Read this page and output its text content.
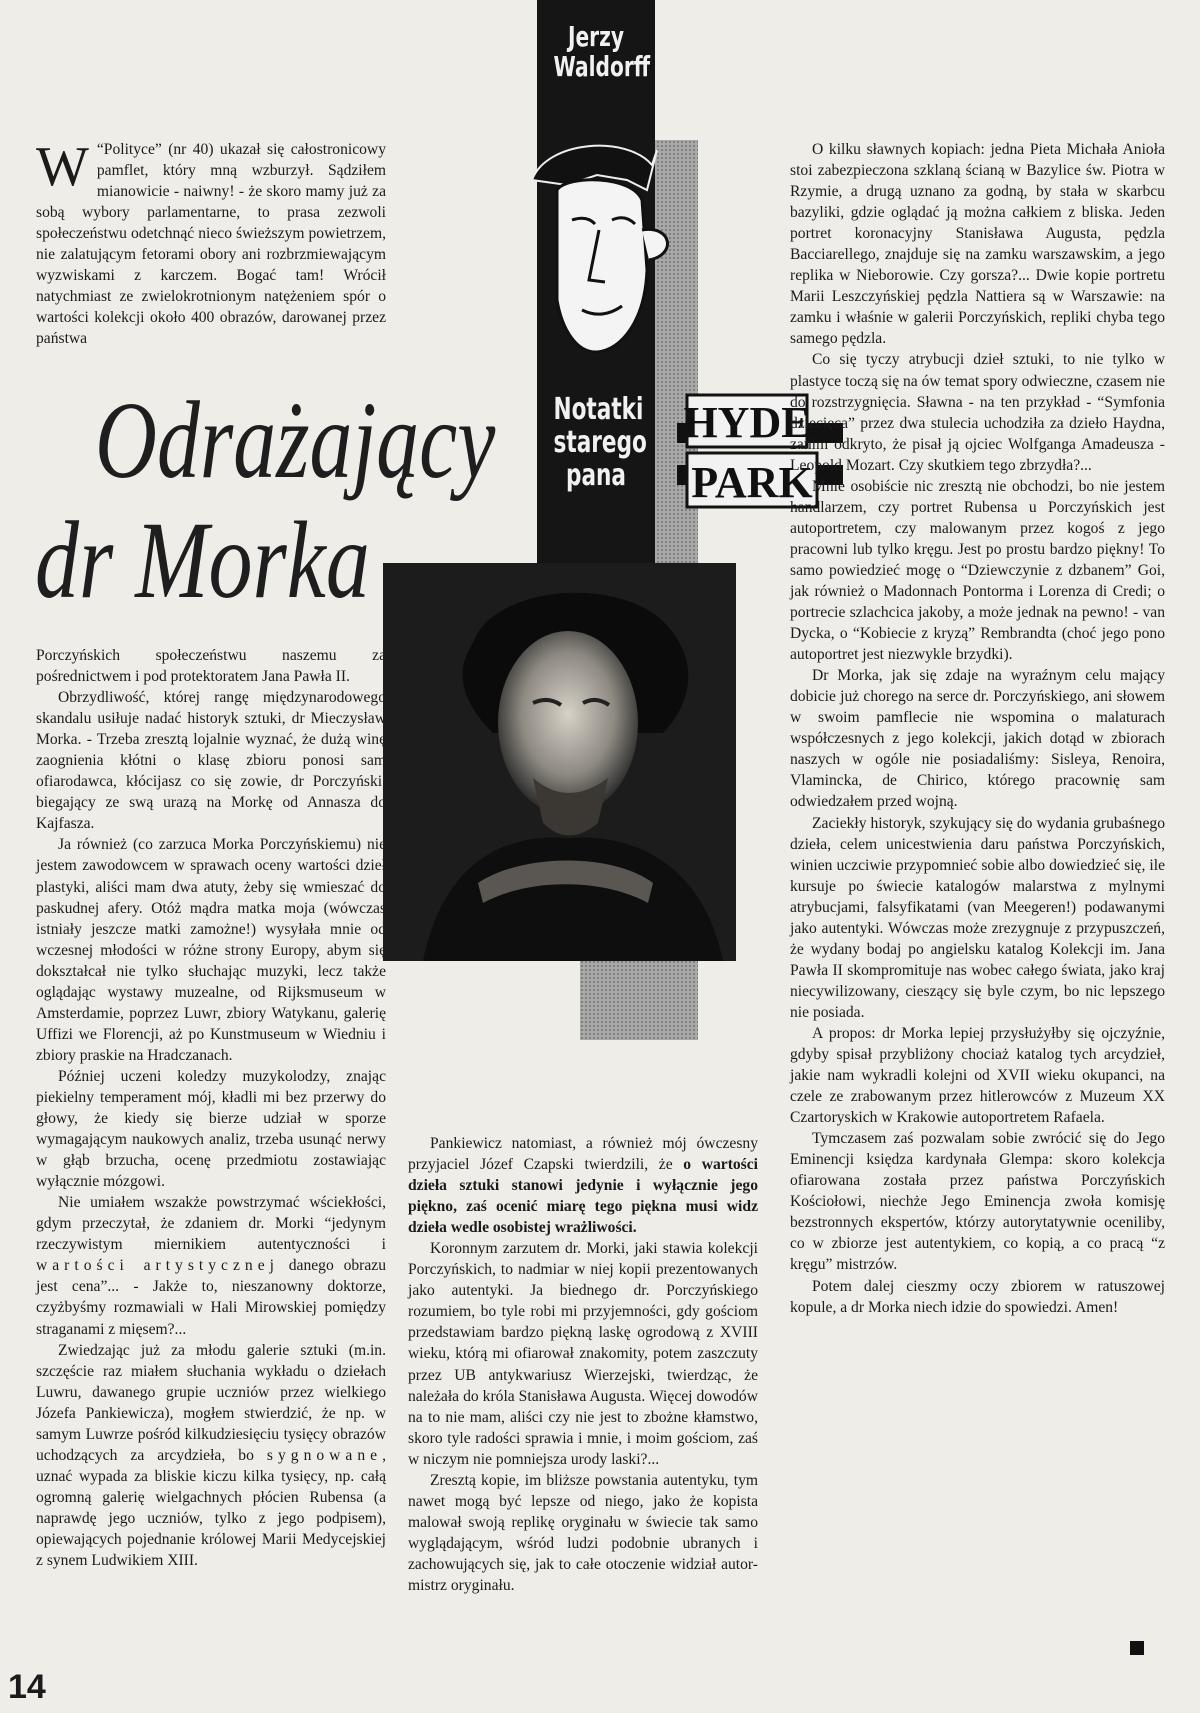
Jerzy
Waldorff
Notatki
starego
pana
HYDE
PARK
Odrażający
dr Morka

W “Polityce” (nr 40) ukazał się całostronicowy pamflet, który mną wzburzył. Sądziłem mianowicie - naiwny! - że skoro mamy już za sobą wybory parlamentarne, to prasa zezwoli społeczeństwu odetchnąć nieco świeższym powietrzem, nie zalatującym fetorami obory ani rozbrzmiewającym wyzwiskami z karczem. Bogać tam! Wrócił natychmiast ze zwielokrotnionym natężeniem spór o wartości kolekcji około 400 obrazów, darowanej przez państwa

Porczyńskich społeczeństwu naszemu za pośrednictwem i pod protektoratem Jana Pawła II.

Obrzydliwość, której rangę międzynarodowego skandalu usiłuje nadać historyk sztuki, dr Mieczysław Morka. - Trzeba zresztą lojalnie wyznać, że dużą winę zaognienia kłótni o klasę zbioru ponosi sam ofiarodawca, kłócijasz co się zowie, dr Porczyński, biegający ze swą urazą na Morkę od Annasza do Kajfasza.

Ja również (co zarzuca Morka Porczyńskiemu) nie jestem zawodowcem w sprawach oceny wartości dzieł plastyki, aliści mam dwa atuty, żeby się wmieszać do paskudnej afery. Otóż mądra matka moja (wówczas istniały jeszcze matki zamożne!) wysyłała mnie od wczesnej młodości w różne strony Europy, abym się dokształcał nie tylko słuchając muzyki, lecz także oglądając wystawy muzealne, od Rijksmuseum w Amsterdamie, poprzez Luwr, zbiory Watykanu, galerię Uffizi we Florencji, aż po Kunstmuseum w Wiedniu i zbiory praskie na Hradczanach.

Później uczeni koledzy muzykolodzy, znając piekielny temperament mój, kładli mi bez przerwy do głowy, że kiedy się bierze udział w sporze wymagającym naukowych analiz, trzeba usunąć nerwy w głąb brzucha, ocenę przedmiotu zostawiając wyłącznie mózgowi.

Nie umiałem wszakże powstrzymać wściekłości, gdym przeczytał, że zdaniem dr. Morki “jedynym rzeczywistym miernikiem autentyczności i wartości artystycznej danego obrazu jest cena”... - Jakże to, nieszanowny doktorze, czyżbyśmy rozmawiali w Hali Mirowskiej pomiędzy straganami z mięsem?...

Zwiedzając już za młodu galerie sztuki (m.in. szczęście raz miałem słuchania wykładu o dziełach Luwru, dawanego grupie uczniów przez wielkiego Józefa Pankiewicza), mogłem stwierdzić, że np. w samym Luwrze pośród kilkudziesięciu tysięcy obrazów uchodzących za arcydzieła, bo sygnowane, uznać wypada za bliskie kiczu kilka tysięcy, np. całą ogromną galerię wielgachnych płócien Rubensa (a naprawdę jego uczniów, tylko z jego podpisem), opiewających pojednanie królowej Marii Medycejskiej z synem Ludwikiem XIII.

Pankiewicz natomiast, a również mój ówczesny przyjaciel Józef Czapski twierdzili, że o wartości dzieła sztuki stanowi jedynie i wyłącznie jego piękno, zaś ocenić miarę tego piękna musi widz dzieła wedle osobistej wrażliwości.

Koronnym zarzutem dr. Morki, jaki stawia kolekcji Porczyńskich, to nadmiar w niej kopii prezentowanych jako autentyki. Ja biednego dr. Porczyńskiego rozumiem, bo tyle robi mi przyjemności, gdy gościom przedstawiam bardzo piękną laskę ogrodową z XVIII wieku, którą mi ofiarował znakomity, potem zaszczuty przez UB antykwariusz Wierzejski, twierdząc, że należała do króla Stanisława Augusta. Więcej dowodów na to nie mam, aliści czy nie jest to zbożne kłamstwo, skoro tyle radości sprawia i mnie, i moim gościom, zaś w niczym nie pomniejsza urody laski?...

Zresztą kopie, im bliższe powstania autentyku, tym nawet mogą być lepsze od niego, jako że kopista malował swoją replikę oryginału w świecie tak samo wyglądającym, wśród ludzi podobnie ubranych i zachowujących się, jak to całe otoczenie widział autor-mistrz oryginału.

O kilku sławnych kopiach: jedna Pieta Michała Anioła stoi zabezpieczona szklaną ścianą w Bazylice św. Piotra w Rzymie, a drugą uznano za godną, by stała w skarbcu bazyliki, gdzie oglądać ją można całkiem z bliska. Jeden portret koronacyjny Stanisława Augusta, pędzla Bacciarellego, znajduje się na zamku warszawskim, a jego replika w Nieborowie. Czy gorsza?... Dwie kopie portretu Marii Leszczyńskiej pędzla Nattiera są w Warszawie: na zamku i właśnie w galerii Porczyńskich, repliki chyba tego samego pędzla.

Co się tyczy atrybucji dzieł sztuki, to nie tylko w plastyce toczą się na ów temat spory odwieczne, czasem nie do rozstrzygnięcia. Sławna - na ten przykład - “Symfonia dziecięca” przez dwa stulecia uchodziła za dzieło Haydna, zanim odkryto, że pisał ją ojciec Wolfganga Amadeusza - Leopold Mozart. Czy skutkiem tego zbrzydła?...

Mnie osobiście nic zresztą nie obchodzi, bo nie jestem handlarzem, czy portret Rubensa u Porczyńskich jest autoportretem, czy malowanym przez kogoś z jego pracowni lub tylko kręgu. Jest po prostu bardzo piękny! To samo powiedzieć mogę o “Dziewczynie z dzbanem” Goi, jak również o Madonnach Pontorma i Lorenza di Credi; o portrecie szlachcica jakoby, a może jednak na pewno! - van Dycka, o “Kobiecie z kryzą” Rembrandta (choć jego pono autoportret jest niezwykle brzydki).

Dr Morka, jak się zdaje na wyraźnym celu mający dobicie już chorego na serce dr. Porczyńskiego, ani słowem w swoim pamflecie nie wspomina o malaturach współczesnych z jego kolekcji, jakich dotąd w zbiorach naszych w ogóle nie posiadaliśmy: Sisleya, Renoira, Vlamincka, de Chirico, którego pracownię sam odwiedzałem przed wojną.

Zaciekły historyk, szykujący się do wydania grubaśnego dzieła, celem unicestwienia daru państwa Porczyńskich, winien uczciwie przypomnieć sobie albo dowiedzieć się, ile kursuje po świecie katalogów malarstwa z mylnymi atrybucjami, falsyfikatami (van Meegeren!) podawanymi jako autentyki. Wówczas może zrezygnuje z przypuszczeń, że wydany bodaj po angielsku katalog Kolekcji im. Jana Pawła II skompromituje nas wobec całego świata, jako kraj niecywilizowany, cieszący się byle czym, bo nic lepszego nie posiada.

A propos: dr Morka lepiej przysłużyłby się ojczyźnie, gdyby spisał przybliżony chociaż katalog tych arcydzieł, jakie nam wykradli kolejni od XVII wieku okupanci, na czele ze zrabowanym przez hitlerowców z Muzeum XX Czartoryskich w Krakowie autoportretem Rafaela.

Tymczasem zaś pozwalam sobie zwrócić się do Jego Eminencji księdza kardynała Glempa: skoro kolekcja ofiarowana została przez państwa Porczyńskich Kościołowi, niechże Jego Eminencja zwoła komisję bezstronnych ekspertów, którzy autorytatywnie oceniliby, co w zbiorze jest autentykiem, co kopią, a co pracą “z kręgu” mistrzów.

Potem dalej cieszmy oczy zbiorem w ratuszowej kopule, a dr Morka niech idzie do spowiedzi. Amen!

14
